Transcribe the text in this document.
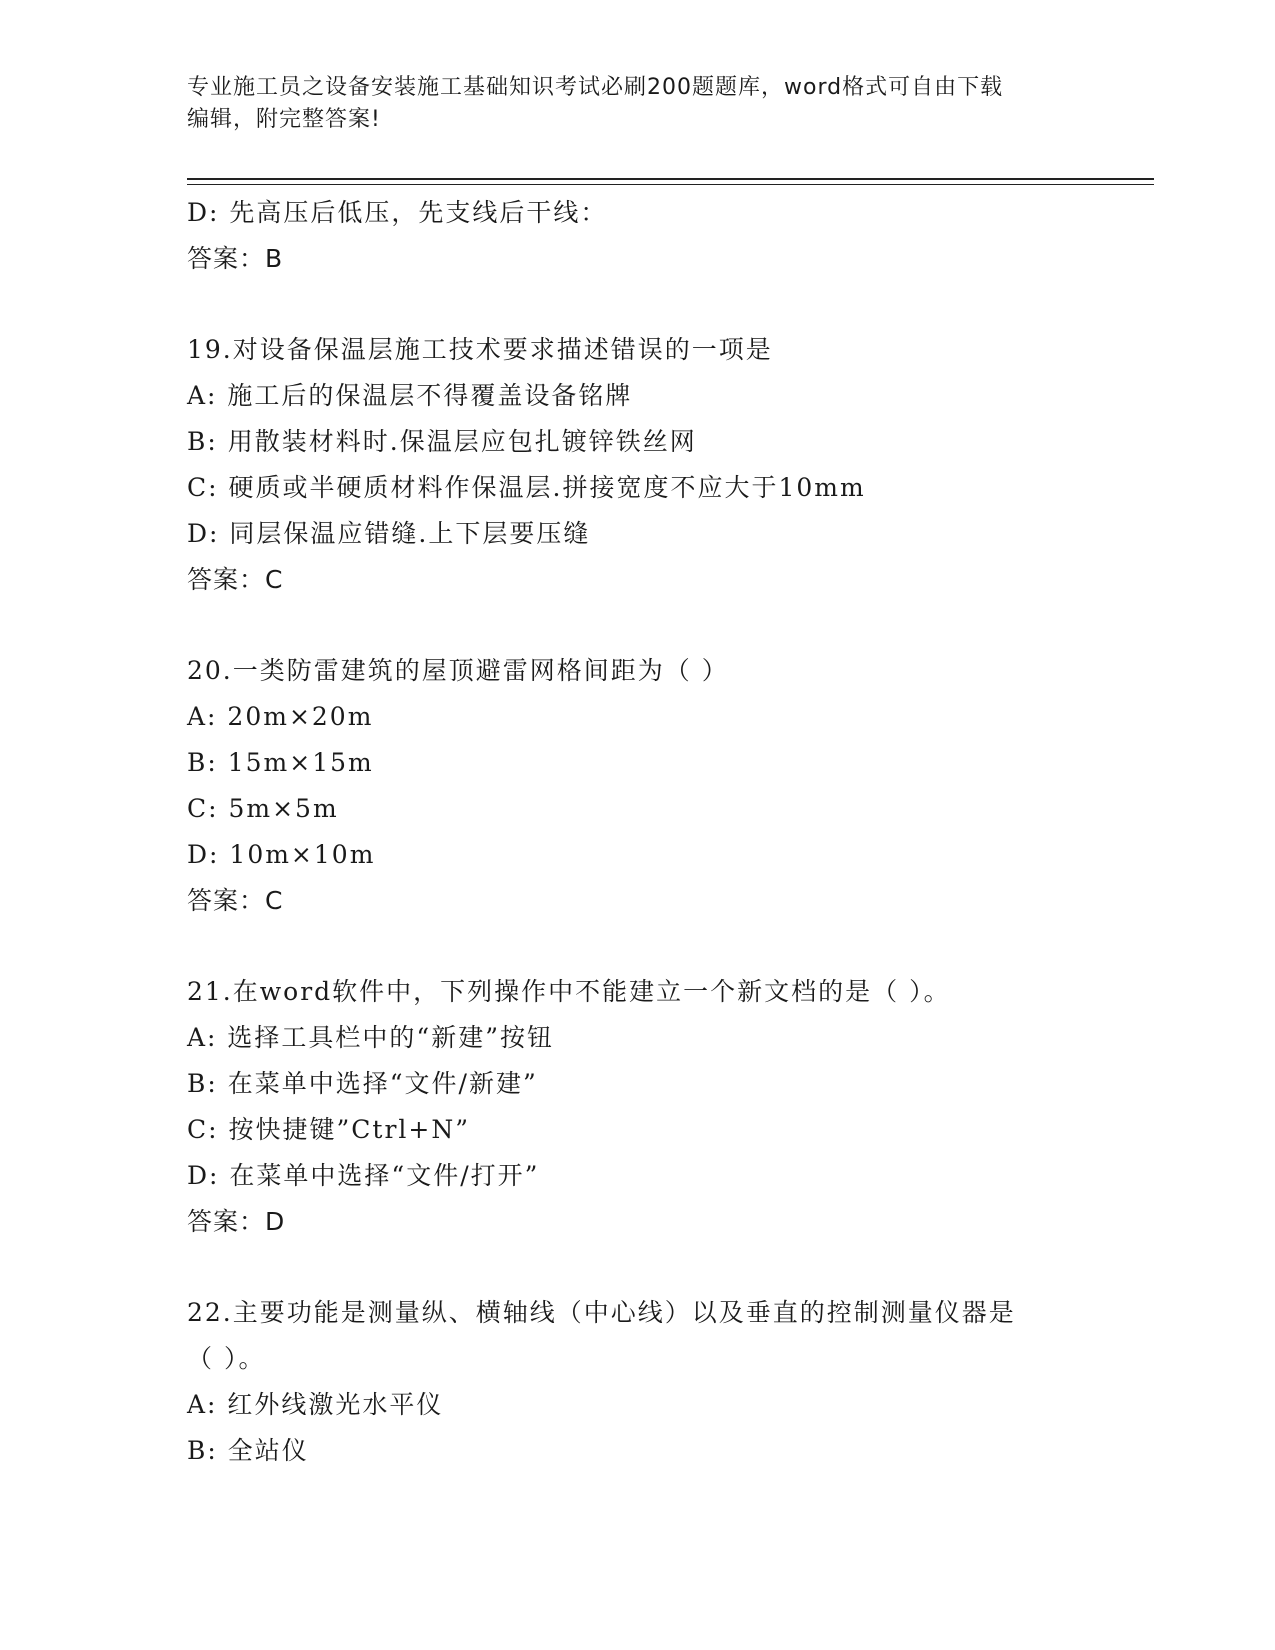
专业施工员之设备安装施工基础知识考试必刷200题题库，word格式可自由下载
编辑，附完整答案!
D: 先高压后低压，先支线后干线：
答案：B
19.对设备保温层施工技术要求描述错误的一项是
A: 施工后的保温层不得覆盖设备铭牌
B: 用散装材料时.保温层应包扎镀锌铁丝网
C: 硬质或半硬质材料作保温层.拼接宽度不应大于10mm
D: 同层保温应错缝.上下层要压缝
答案：C
20.一类防雷建筑的屋顶避雷网格间距为（ ）
A: 20m×20m
B: 15m×15m
C: 5m×5m
D: 10m×10m
答案：C
21.在word软件中，下列操作中不能建立一个新文档的是（ ）。
A: 选择工具栏中的“新建”按钮
B: 在菜单中选择“文件/新建”
C: 按快捷键”Ctrl+N”
D: 在菜单中选择“文件/打开”
答案：D
22.主要功能是测量纵、横轴线（中心线）以及垂直的控制测量仪器是
（ ）。
A: 红外线激光水平仪
B: 全站仪
